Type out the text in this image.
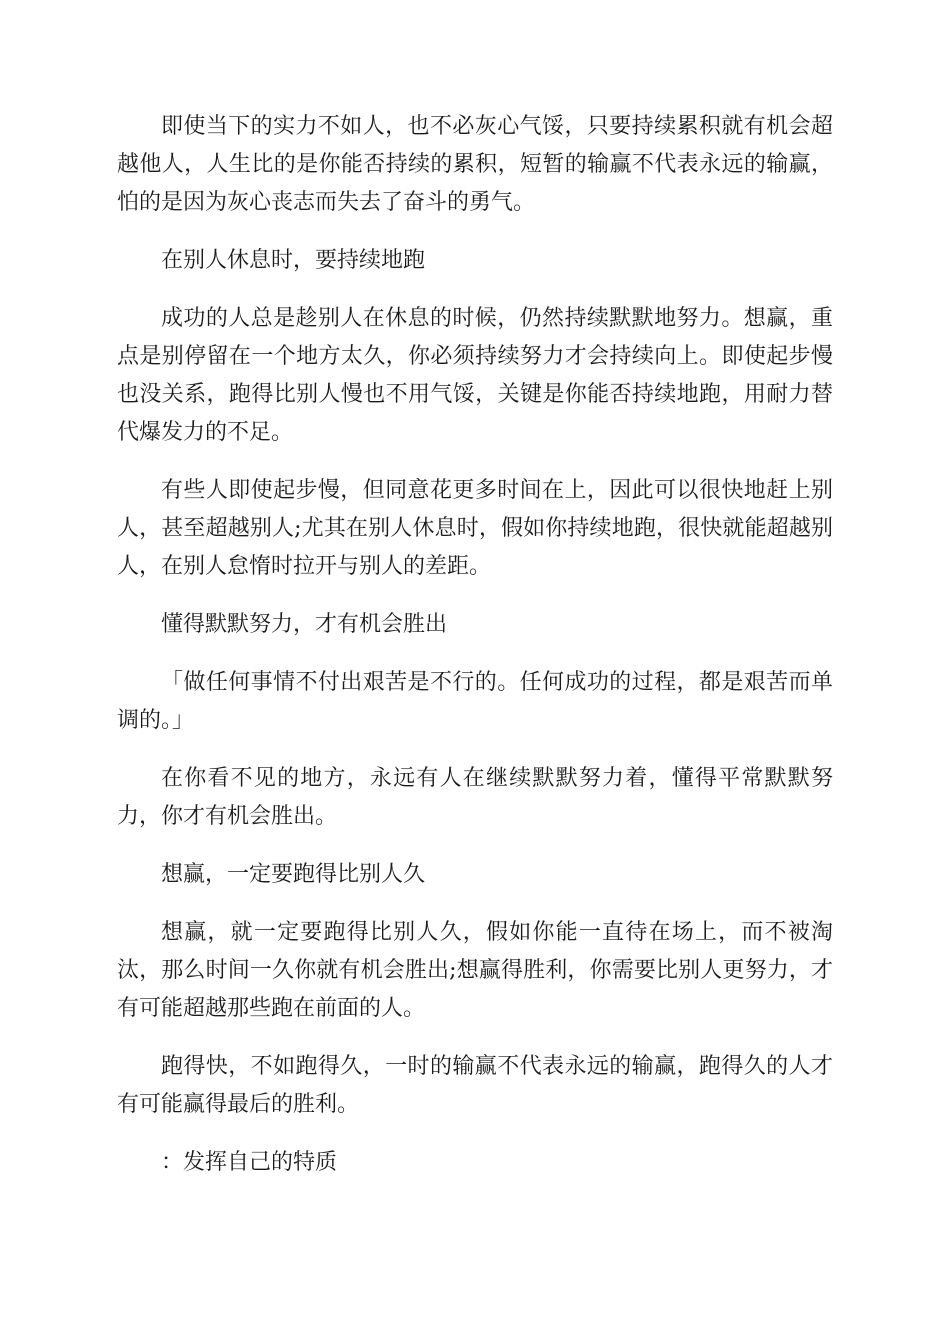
即使当下的实力不如人，也不必灰心气馁，只要持续累积就有机会超越他人，人生比的是你能否持续的累积，短暂的输赢不代表永远的输赢，怕的是因为灰心丧志而失去了奋斗的勇气。

在别人休息时，要持续地跑

成功的人总是趁别人在休息的时候，仍然持续默默地努力。想赢，重点是别停留在一个地方太久，你必须持续努力才会持续向上。即使起步慢也没关系，跑得比别人慢也不用气馁，关键是你能否持续地跑，用耐力替代爆发力的不足。

有些人即使起步慢，但同意花更多时间在上，因此可以很快地赶上别人，甚至超越别人;尤其在别人休息时，假如你持续地跑，很快就能超越别人，在别人怠惰时拉开与别人的差距。

懂得默默努力，才有机会胜出

「做任何事情不付出艰苦是不行的。任何成功的过程，都是艰苦而单调的。」

在你看不见的地方，永远有人在继续默默努力着，懂得平常默默努力，你才有机会胜出。

想赢，一定要跑得比别人久

想赢，就一定要跑得比别人久，假如你能一直待在场上，而不被淘汰，那么时间一久你就有机会胜出;想赢得胜利，你需要比别人更努力，才有可能超越那些跑在前面的人。

跑得快，不如跑得久，一时的输赢不代表永远的输赢，跑得久的人才有可能赢得最后的胜利。

：发挥自己的特质
